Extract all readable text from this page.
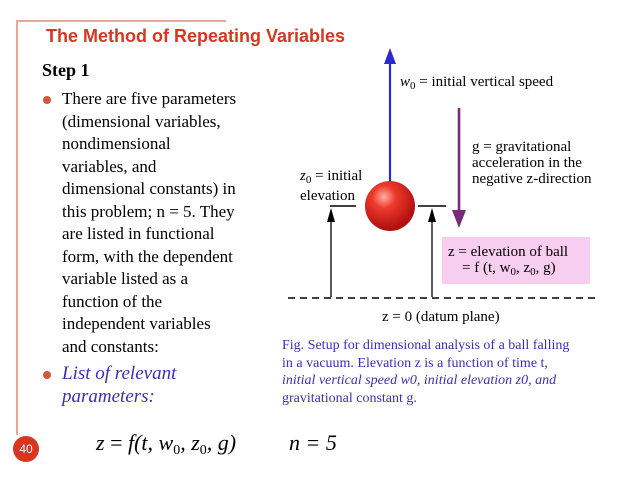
The Method of Repeating Variables
Step 1
There are five parameters
(dimensional variables,
nondimensional
variables, and
dimensional constants) in
this problem; n = 5. They
are listed in functional
form, with the dependent
variable listed as a
function of the
independent variables
and constants:
List of relevant
parameters:
z = f(t, $w_0$, $z_0$, g) n = 5
40
$w_0$ = initial vertical speed
$z_0$ = initial
elevation
g = gravitational
acceleration in the
negative z-direction
z = elevation of ball
= f (t, $w_0$, $z_0$, g)
z = 0 (datum plane)
Fig. Setup for dimensional analysis of a ball falling
in a vacuum. Elevation z is a function of time t,
initial vertical speed w0, initial elevation z0, and
gravitational constant g.
